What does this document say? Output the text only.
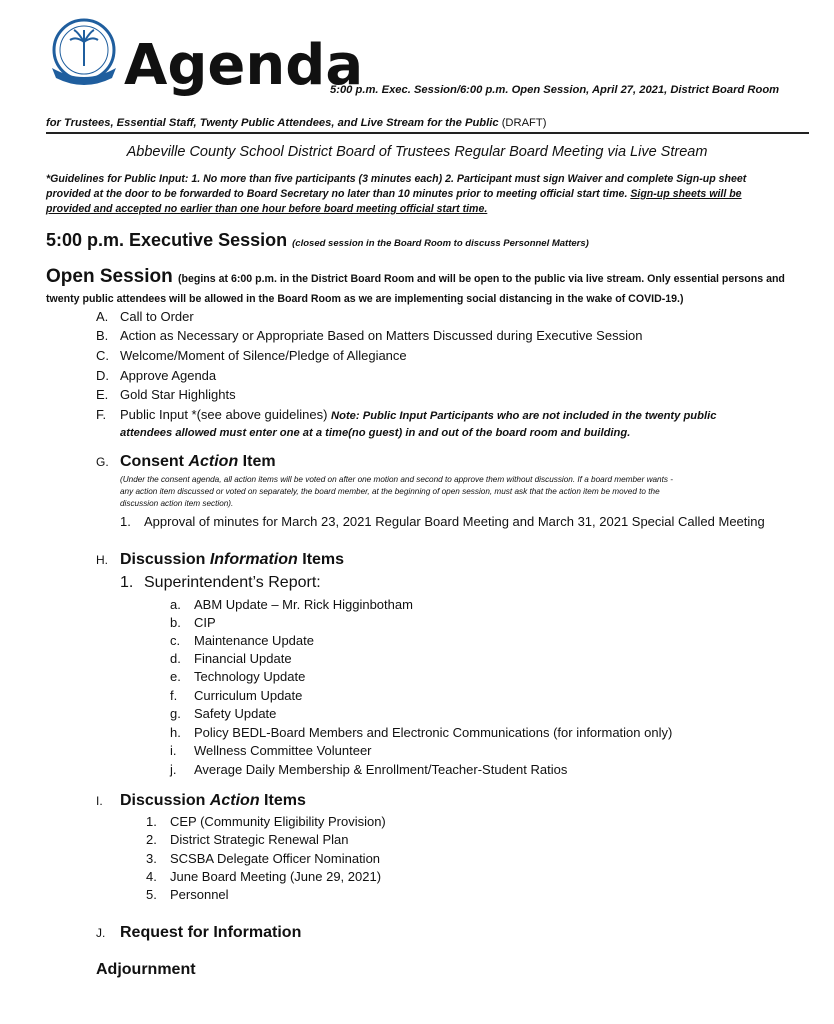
Agenda
5:00 p.m. Exec. Session/6:00 p.m. Open Session, April 27, 2021, District Board Room
for Trustees, Essential Staff, Twenty Public Attendees, and Live Stream for the Public (DRAFT)
Abbeville County School District Board of Trustees Regular Board Meeting via Live Stream
*Guidelines for Public Input: 1. No more than five participants (3 minutes each) 2. Participant must sign Waiver and complete Sign-up sheet
provided at the door to be forwarded to Board Secretary no later than 10 minutes prior to meeting official start time. Sign-up sheets will be
provided and accepted no earlier than one hour before board meeting official start time.
5:00 p.m. Executive Session (closed session in the Board Room to discuss Personnel Matters)
Open Session (begins at 6:00 p.m. in the District Board Room and will be open to the public via live stream. Only essential persons and
twenty public attendees will be allowed in the Board Room as we are implementing social distancing in the wake of COVID-19.)
A. Call to Order
B. Action as Necessary or Appropriate Based on Matters Discussed during Executive Session
C. Welcome/Moment of Silence/Pledge of Allegiance
D. Approve Agenda
E. Gold Star Highlights
F. Public Input *(see above guidelines) Note: Public Input Participants who are not included in the twenty public
attendees allowed must enter one at a time(no guest) in and out of the board room and building.
G. Consent Action Item
(Under the consent agenda, all action items will be voted on after one motion and second to approve them without discussion. If a board member wants -
any action item discussed or voted on separately, the board member, at the beginning of open session, must ask that the action item be moved to the
discussion action item section).
1. Approval of minutes for March 23, 2021 Regular Board Meeting and March 31, 2021 Special Called Meeting
H. Discussion Information Items
1. Superintendent’s Report:
a. ABM Update – Mr. Rick Higginbotham
b. CIP
c. Maintenance Update
d. Financial Update
e. Technology Update
f. Curriculum Update
g. Safety Update
h. Policy BEDL-Board Members and Electronic Communications (for information only)
i. Wellness Committee Volunteer
j. Average Daily Membership & Enrollment/Teacher-Student Ratios
I. Discussion Action Items
1. CEP (Community Eligibility Provision)
2. District Strategic Renewal Plan
3. SCSBA Delegate Officer Nomination
4. June Board Meeting (June 29, 2021)
5. Personnel
J. Request for Information
Adjournment
